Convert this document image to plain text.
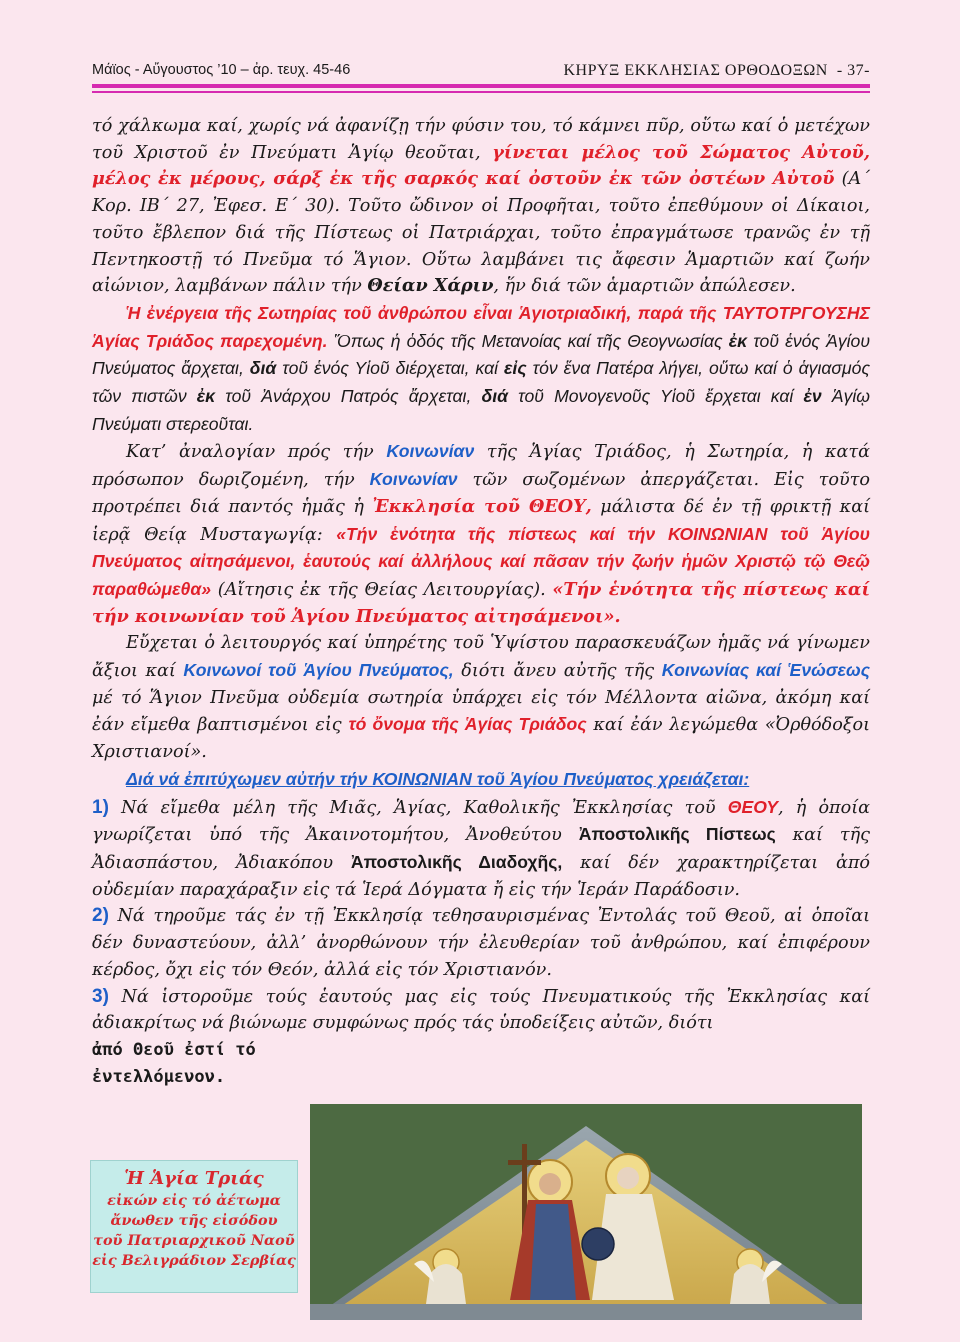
Μάϊος - Αὔγουστος ’10 – ἀρ. τευχ. 45-46	ΚΗΡΥΞ ΕΚΚΛΗΣΙΑΣ ΟΡΘΟΔΟΞΩΝ - 37-

τό χάλκωμα καί, χωρίς νά ἀφανίζῃ τήν φύσιν του, τό κάμνει πῦρ, οὕτω καί ὁ μετέχων τοῦ Χριστοῦ ἐν Πνεύματι Ἁγίῳ θεοῦται, γίνεται μέλος τοῦ Σώματος Αὐτοῦ, μέλος ἐκ μέρους, σάρξ ἐκ τῆς σαρκός καί ὀστοῦν ἐκ τῶν ὀστέων Αὐτοῦ (Α΄ Κορ. ΙΒ΄ 27, Ἐφεσ. Ε΄ 30). Τοῦτο ὤδινον οἱ Προφῆται, τοῦτο ἐπεθύμουν οἱ Δίκαιοι, τοῦτο ἔβλεπον διά τῆς Πίστεως οἱ Πατριάρχαι, τοῦτο ἐπραγμάτωσε τρανῶς ἐν τῇ Πεντηκοστῇ τό Πνεῦμα τό Ἅγιον. Οὕτω λαμβάνει τις ἄφεσιν Ἁμαρτιῶν καί ζωήν αἰώνιον, λαμβάνων πάλιν τήν Θείαν Χάριν, ἥν διά τῶν ἁμαρτιῶν ἀπώλεσεν.

Ἡ ἐνέργεια τῆς Σωτηρίας τοῦ ἀνθρώπου εἶναι Ἁγιοτριαδική, παρά τῆς ΤΑΥΤΟΤΡΓΟΥΣΗΣ Ἁγίας Τριάδος παρεχομένη. Ὅπως ἡ ὁδός τῆς Μετανοίας καί τῆς Θεογνωσίας ἐκ τοῦ ἑνός Ἁγίου Πνεύματος ἄρχεται, διά τοῦ ἑνός Υἱοῦ διέρχεται, καί εἰς τόν ἕνα Πατέρα λήγει, οὕτω καί ὁ ἁγιασμός τῶν πιστῶν ἐκ τοῦ Ἀνάρχου Πατρός ἄρχεται, διά τοῦ Μονογενοῦς Υἱοῦ ἔρχεται καί ἐν Ἁγίῳ Πνεύματι στερεοῦται.

Κατ’ ἀναλογίαν πρός τήν Κοινωνίαν τῆς Ἁγίας Τριάδος, ἡ Σωτηρία, ἡ κατά πρόσωπον δωριζομένη, τήν Κοινωνίαν τῶν σωζομένων ἀπεργάζεται. Εἰς τοῦτο προτρέπει διά παντός ἡμᾶς ἡ Ἐκκλησία τοῦ ΘΕΟΥ, μάλιστα δέ ἐν τῇ φρικτῇ καί ἱερᾷ Θείᾳ Μυσταγωγίᾳ: «Τήν ἑνότητα τῆς πίστεως καί τήν ΚΟΙΝΩΝΙΑΝ τοῦ Ἁγίου Πνεύματος αἰτησάμενοι, ἑαυτούς καί ἀλλήλους καί πᾶσαν τήν ζωήν ἡμῶν Χριστῷ τῷ Θεῷ παραθώμεθα» (Αἴτησις ἐκ τῆς Θείας Λειτουργίας). «Τήν ἑνότητα τῆς πίστεως καί τήν κοινωνίαν τοῦ Ἁγίου Πνεύματος αἰτησάμενοι».

Εὔχεται ὁ λειτουργός καί ὑπηρέτης τοῦ Ὑψίστου παρασκευάζων ἡμᾶς νά γίνωμεν ἄξιοι καί Κοινωνοί τοῦ Ἁγίου Πνεύματος, διότι ἄνευ αὐτῆς τῆς Κοινωνίας καί Ἑνώσεως μέ τό Ἅγιον Πνεῦμα οὐδεμία σωτηρία ὑπάρχει εἰς τόν Μέλλοντα αἰῶνα, ἀκόμη καί ἐάν εἴμεθα βαπτισμένοι εἰς τό ὄνομα τῆς Ἁγίας Τριάδος καί ἐάν λεγώμεθα «Ὀρθόδοξοι Χριστιανοί».

Διά νά ἐπιτύχωμεν αὐτήν τήν ΚΟΙΝΩΝΙΑΝ τοῦ Ἁγίου Πνεύματος χρειάζεται:

1) Νά εἴμεθα μέλη τῆς Μιᾶς, Ἁγίας, Καθολικῆς Ἐκκλησίας τοῦ ΘΕΟΥ, ἡ ὁποία γνωρίζεται ὑπό τῆς Ἀκαινοτομήτου, Ἀνοθεύτου Ἀποστολικῆς Πίστεως καί τῆς Ἀδιασπάστου, Ἀδιακόπου Ἀποστολικῆς Διαδοχῆς, καί δέν χαρακτηρίζεται ἀπό οὐδεμίαν παραχάραξιν εἰς τά Ἱερά Δόγματα ἤ εἰς τήν Ἱεράν Παράδοσιν.

2) Νά τηροῦμε τάς ἐν τῇ Ἐκκλησίᾳ τεθησαυρισμένας Ἐντολάς τοῦ Θεοῦ, αἱ ὁποῖαι δέν δυναστεύουν, ἀλλ’ ἀνορθώνουν τήν ἐλευθερίαν τοῦ ἀνθρώπου, καί ἐπιφέρουν κέρδος, ὄχι εἰς τόν Θεόν, ἀλλά εἰς τόν Χριστιανόν.

3) Νά ἱστοροῦμε τούς ἑαυτούς μας εἰς τούς Πνευματικούς τῆς Ἐκκλησίας καί ἀδιακρίτως νά βιώνωμε συμφώνως πρός τάς ὑποδείξεις αὐτῶν, διότι

ἀπό Θεοῦ ἐστί τό ἐντελλόμενον.

Ἡ Ἁγία Τριάς
εἰκών εἰς τό ἀέτωμα
ἄνωθεν τῆς εἰσόδου
τοῦ Πατριαρχικοῦ Ναοῦ
εἰς Βελιγράδιον Σερβίας
